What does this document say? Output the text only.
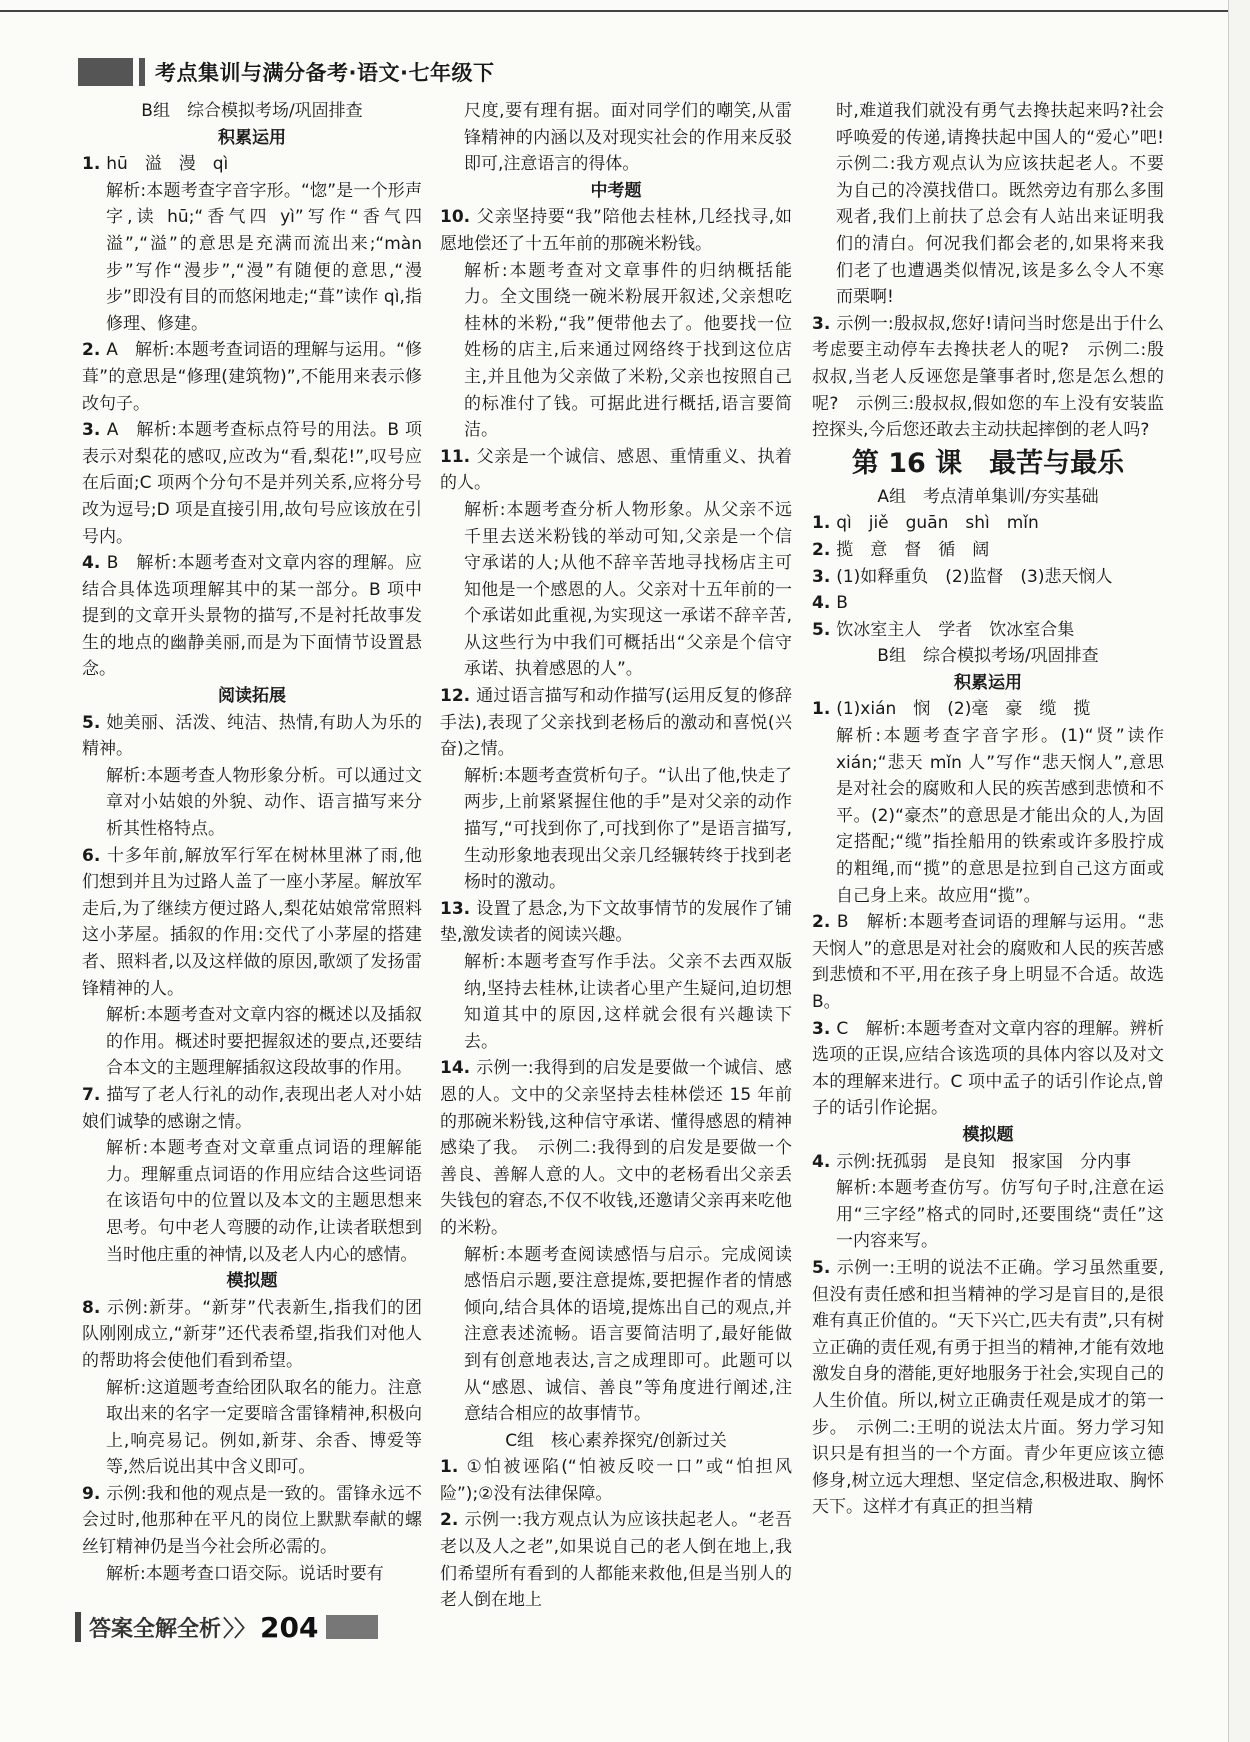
考点集训与满分备考·语文·七年级下

B组　综合模拟考场/巩固排查

积累运用

1. hū　溢　漫　qì

解析:本题考查字音字形。“惚”是一个形声字,读 hū;“香气四 yì”写作“香气四溢”,“溢”的意思是充满而流出来;“màn 步”写作“漫步”,“漫”有随便的意思,“漫步”即没有目的而悠闲地走;“葺”读作 qì,指修理、修建。

2. A　解析:本题考查词语的理解与运用。“修葺”的意思是“修理(建筑物)”,不能用来表示修改句子。

3. A　解析:本题考查标点符号的用法。B 项表示对梨花的感叹,应改为“看,梨花!”,叹号应在后面;C 项两个分句不是并列关系,应将分号改为逗号;D 项是直接引用,故句号应该放在引号内。

4. B　解析:本题考查对文章内容的理解。应结合具体选项理解其中的某一部分。B 项中提到的文章开头景物的描写,不是衬托故事发生的地点的幽静美丽,而是为下面情节设置悬念。

阅读拓展

5. 她美丽、活泼、纯洁、热情,有助人为乐的精神。

解析:本题考查人物形象分析。可以通过文章对小姑娘的外貌、动作、语言描写来分析其性格特点。

6. 十多年前,解放军行军在树林里淋了雨,他们想到并且为过路人盖了一座小茅屋。解放军走后,为了继续方便过路人,梨花姑娘常常照料这小茅屋。插叙的作用:交代了小茅屋的搭建者、照料者,以及这样做的原因,歌颂了发扬雷锋精神的人。

解析:本题考查对文章内容的概述以及插叙的作用。概述时要把握叙述的要点,还要结合本文的主题理解插叙这段故事的作用。

7. 描写了老人行礼的动作,表现出老人对小姑娘们诚挚的感谢之情。

解析:本题考查对文章重点词语的理解能力。理解重点词语的作用应结合这些词语在该语句中的位置以及本文的主题思想来思考。句中老人弯腰的动作,让读者联想到当时他庄重的神情,以及老人内心的感情。

模拟题

8. 示例:新芽。“新芽”代表新生,指我们的团队刚刚成立,“新芽”还代表希望,指我们对他人的帮助将会使他们看到希望。

解析:这道题考查给团队取名的能力。注意取出来的名字一定要暗含雷锋精神,积极向上,响亮易记。例如,新芽、余香、博爱等等,然后说出其中含义即可。

9. 示例:我和他的观点是一致的。雷锋永远不会过时,他那种在平凡的岗位上默默奉献的螺丝钉精神仍是当今社会所必需的。

解析:本题考查口语交际。说话时要有

尺度,要有理有据。面对同学们的嘲笑,从雷锋精神的内涵以及对现实社会的作用来反驳即可,注意语言的得体。

中考题

10. 父亲坚持要“我”陪他去桂林,几经找寻,如愿地偿还了十五年前的那碗米粉钱。

解析:本题考查对文章事件的归纳概括能力。全文围绕一碗米粉展开叙述,父亲想吃桂林的米粉,“我”便带他去了。他要找一位姓杨的店主,后来通过网络终于找到这位店主,并且他为父亲做了米粉,父亲也按照自己的标准付了钱。可据此进行概括,语言要简洁。

11. 父亲是一个诚信、感恩、重情重义、执着的人。

解析:本题考查分析人物形象。从父亲不远千里去送米粉钱的举动可知,父亲是一个信守承诺的人;从他不辞辛苦地寻找杨店主可知他是一个感恩的人。父亲对十五年前的一个承诺如此重视,为实现这一承诺不辞辛苦,从这些行为中我们可概括出“父亲是个信守承诺、执着感恩的人”。

12. 通过语言描写和动作描写(运用反复的修辞手法),表现了父亲找到老杨后的激动和喜悦(兴奋)之情。

解析:本题考查赏析句子。“认出了他,快走了两步,上前紧紧握住他的手”是对父亲的动作描写,“可找到你了,可找到你了”是语言描写,生动形象地表现出父亲几经辗转终于找到老杨时的激动。

13. 设置了悬念,为下文故事情节的发展作了铺垫,激发读者的阅读兴趣。

解析:本题考查写作手法。父亲不去西双版纳,坚持去桂林,让读者心里产生疑问,迫切想知道其中的原因,这样就会很有兴趣读下去。

14. 示例一:我得到的启发是要做一个诚信、感恩的人。文中的父亲坚持去桂林偿还 15 年前的那碗米粉钱,这种信守承诺、懂得感恩的精神感染了我。　示例二:我得到的启发是要做一个善良、善解人意的人。文中的老杨看出父亲丢失钱包的窘态,不仅不收钱,还邀请父亲再来吃他的米粉。

解析:本题考查阅读感悟与启示。完成阅读感悟启示题,要注意提炼,要把握作者的情感倾向,结合具体的语境,提炼出自己的观点,并注意表述流畅。语言要简洁明了,最好能做到有创意地表达,言之成理即可。此题可以从“感恩、诚信、善良”等角度进行阐述,注意结合相应的故事情节。

C组　核心素养探究/创新过关

1. ①怕被诬陷(“怕被反咬一口”或“怕担风险”);②没有法律保障。

2. 示例一:我方观点认为应该扶起老人。“老吾老以及人之老”,如果说自己的老人倒在地上,我们希望所有看到的人都能来救他,但是当别人的老人倒在地上

时,难道我们就没有勇气去搀扶起来吗?社会呼唤爱的传递,请搀扶起中国人的“爱心”吧!　示例二:我方观点认为应该扶起老人。不要为自己的冷漠找借口。既然旁边有那么多围观者,我们上前扶了总会有人站出来证明我们的清白。何况我们都会老的,如果将来我们老了也遭遇类似情况,该是多么令人不寒而栗啊!

3. 示例一:殷叔叔,您好!请问当时您是出于什么考虑要主动停车去搀扶老人的呢?　示例二:殷叔叔,当老人反诬您是肇事者时,您是怎么想的呢?　示例三:殷叔叔,假如您的车上没有安装监控探头,今后您还敢去主动扶起摔倒的老人吗?

第 16 课　最苦与最乐

A组　考点清单集训/夯实基础

1. qì　jiě　guān　shì　mǐn

2. 揽　意　督　循　阔

3. (1)如释重负　(2)监督　(3)悲天悯人

4. B

5. 饮冰室主人　学者　饮冰室合集

B组　综合模拟考场/巩固排查

积累运用

1. (1)xián　悯　(2)毫　豪　缆　揽

解析:本题考查字音字形。(1)“贤”读作 xián;“悲天 mǐn 人”写作“悲天悯人”,意思是对社会的腐败和人民的疾苦感到悲愤和不平。(2)“豪杰”的意思是才能出众的人,为固定搭配;“缆”指拴船用的铁索或许多股拧成的粗绳,而“揽”的意思是拉到自己这方面或自己身上来。故应用“揽”。

2. B　解析:本题考查词语的理解与运用。“悲天悯人”的意思是对社会的腐败和人民的疾苦感到悲愤和不平,用在孩子身上明显不合适。故选 B。

3. C　解析:本题考查对文章内容的理解。辨析选项的正误,应结合该选项的具体内容以及对文本的理解来进行。C 项中孟子的话引作论点,曾子的话引作论据。

模拟题

4. 示例:抚孤弱　是良知　报家国　分内事

解析:本题考查仿写。仿写句子时,注意在运用“三字经”格式的同时,还要围绕“责任”这一内容来写。

5. 示例一:王明的说法不正确。学习虽然重要,但没有责任感和担当精神的学习是盲目的,是很难有真正价值的。“天下兴亡,匹夫有责”,只有树立正确的责任观,有勇于担当的精神,才能有效地激发自身的潜能,更好地服务于社会,实现自己的人生价值。所以,树立正确责任观是成才的第一步。　示例二:王明的说法太片面。努力学习知识只是有担当的一个方面。青少年更应该立德修身,树立远大理想、坚定信念,积极进取、胸怀天下。这样才有真正的担当精

答案全解全析 〉〉 204
